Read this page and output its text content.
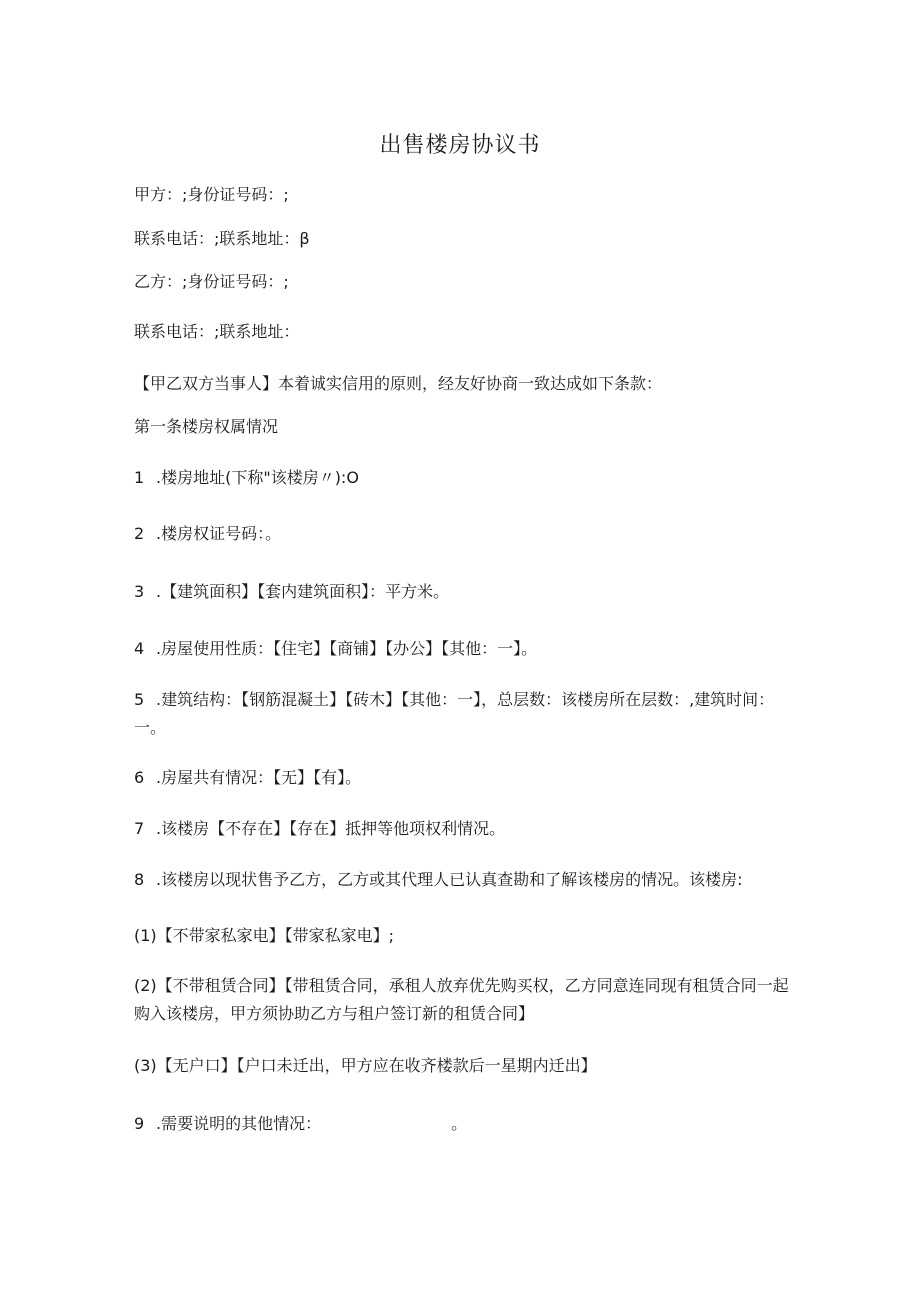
出售楼房协议书
甲方：;身份证号码：;
联系电话：;联系地址：β
乙方：;身份证号码：;
联系电话：;联系地址：
【甲乙双方当事人】本着诚实信用的原则，经友好协商一致达成如下条款：
第一条楼房权属情况
1 .楼房地址(下称"该楼房〃):O
2 .楼房权证号码：。
3 .【建筑面积】【套内建筑面积】：平方米。
4 .房屋使用性质：【住宅】【商铺】【办公】【其他：一】。
5 .建筑结构：【钢筋混凝土】【砖木】【其他：一】，总层数：该楼房所在层数：,建筑时间：一。
6 .房屋共有情况：【无】【有】。
7 .该楼房【不存在】【存在】抵押等他项权利情况。
8 .该楼房以现状售予乙方，乙方或其代理人已认真查勘和了解该楼房的情况。该楼房:
(1)【不带家私家电】【带家私家电】;
(2)【不带租赁合同】【带租赁合同，承租人放弃优先购买权，乙方同意连同现有租赁合同一起购入该楼房，甲方须协助乙方与租户签订新的租赁合同】
(3)【无户口】【户口未迁出，甲方应在收齐楼款后一星期内迁出】
9 .需要说明的其他情况：	。
